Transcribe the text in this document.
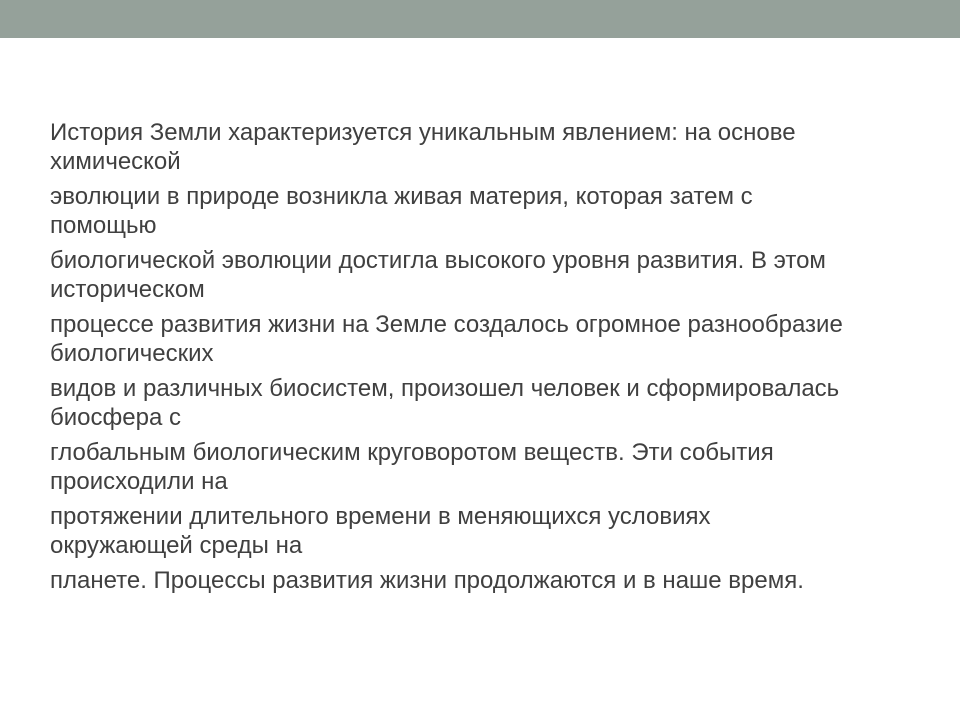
История Земли характеризуется уникальным явлением: на основе
химической

эволюции в природе возникла живая материя, которая затем с
помощью

биологической эволюции достигла высокого уровня развития. В этом
историческом

процессе развития жизни на Земле создалось огромное разнообразие
биологических

видов и различных биосистем, произошел человек и сформировалась
биосфера с

глобальным биологическим круговоротом веществ. Эти события
происходили на

протяжении длительного времени в меняющихся условиях
окружающей среды на

планете. Процессы развития жизни продолжаются и в наше время.
